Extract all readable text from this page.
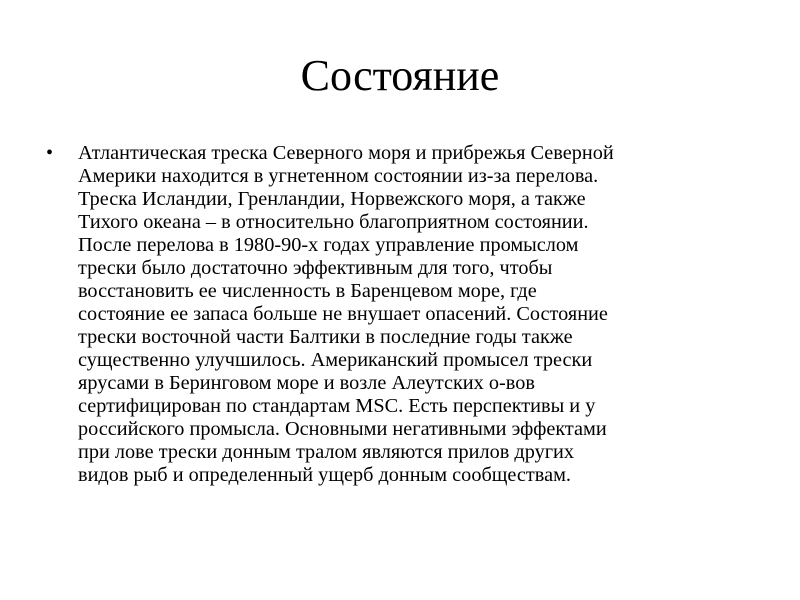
Состояние
• Атлантическая треска Северного моря и прибрежья Северной
Америки находится в угнетенном состоянии из-за перелова.
Треска Исландии, Гренландии, Норвежского моря, а также
Тихого океана – в относительно благоприятном состоянии.
После перелова в 1980-90-х годах управление промыслом
трески было достаточно эффективным для того, чтобы
восстановить ее численность в Баренцевом море, где
состояние ее запаса больше не внушает опасений. Состояние
трески восточной части Балтики в последние годы также
существенно улучшилось. Американский промысел трески
ярусами в Беринговом море и возле Алеутских о-вов
сертифицирован по стандартам MSC. Есть перспективы и у
российского промысла. Основными негативными эффектами
при лове трески донным тралом являются прилов других
видов рыб и определенный ущерб донным сообществам.
